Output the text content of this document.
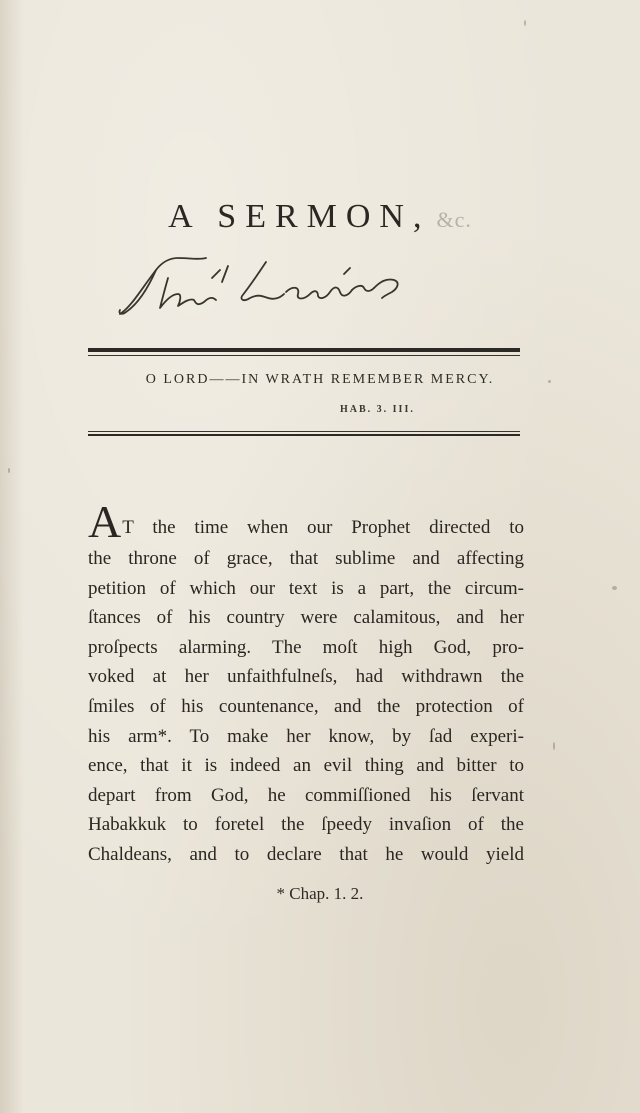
A SERMON, &c.
O LORD——IN WRATH REMEMBER MERCY.
HAB. 3. III.
AT the time when our Prophet directed to
the throne of grace, that sublime and affecting
petition of which our text is a part, the circum-
ſtances of his country were calamitous, and her
proſpects alarming. The moſt high God, pro-
voked at her unfaithfulneſs, had withdrawn the
ſmiles of his countenance, and the protection of
his arm*. To make her know, by ſad experi-
ence, that it is indeed an evil thing and bitter to
depart from God, he commiſſioned his ſervant
Habakkuk to foretel the ſpeedy invaſion of the
Chaldeans, and to declare that he would yield
* Chap. 1. 2.
